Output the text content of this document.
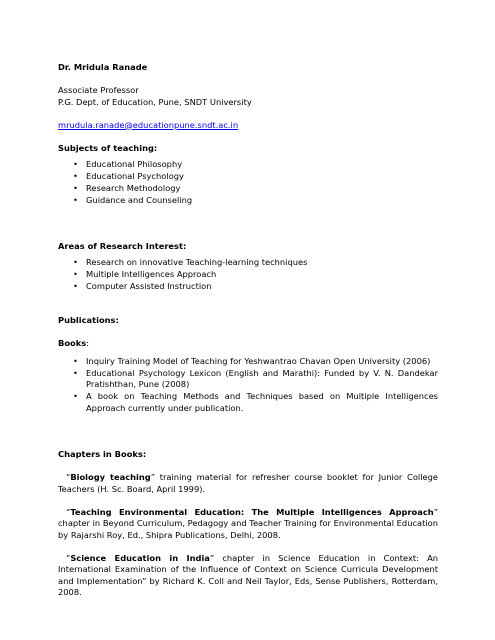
Dr. Mridula Ranade

Associate Professor

P.G. Dept. of Education, Pune, SNDT University

mrudula.ranade@educationpune.sndt.ac.in

Subjects of teaching:

• Educational Philosophy
• Educational Psychology
• Research Methodology
• Guidance and Counseling

Areas of Research Interest:

• Research on innovative Teaching-learning techniques
• Multiple Intelligences Approach
• Computer Assisted Instruction

Publications:

Books:

• Inquiry Training Model of Teaching for Yeshwantrao Chavan Open University (2006)
• Educational Psychology Lexicon (English and Marathi): Funded by V. N. Dandekar Pratishthan, Pune (2008)
• A book on Teaching Methods and Techniques based on Multiple Intelligences Approach currently under publication.

Chapters in Books:

“Biology teaching” training material for refresher course booklet for Junior College Teachers (H. Sc. Board, April 1999).

“Teaching Environmental Education: The Multiple Intelligences Approach” chapter in Beyond Curriculum, Pedagogy and Teacher Training for Environmental Education by Rajarshi Roy, Ed., Shipra Publications, Delhi, 2008.

“Science Education in India” chapter in Science Education in Context: An International Examination of the Influence of Context on Science Curricula Development and Implementation” by Richard K. Coll and Neil Taylor, Eds, Sense Publishers, Rotterdam, 2008.
